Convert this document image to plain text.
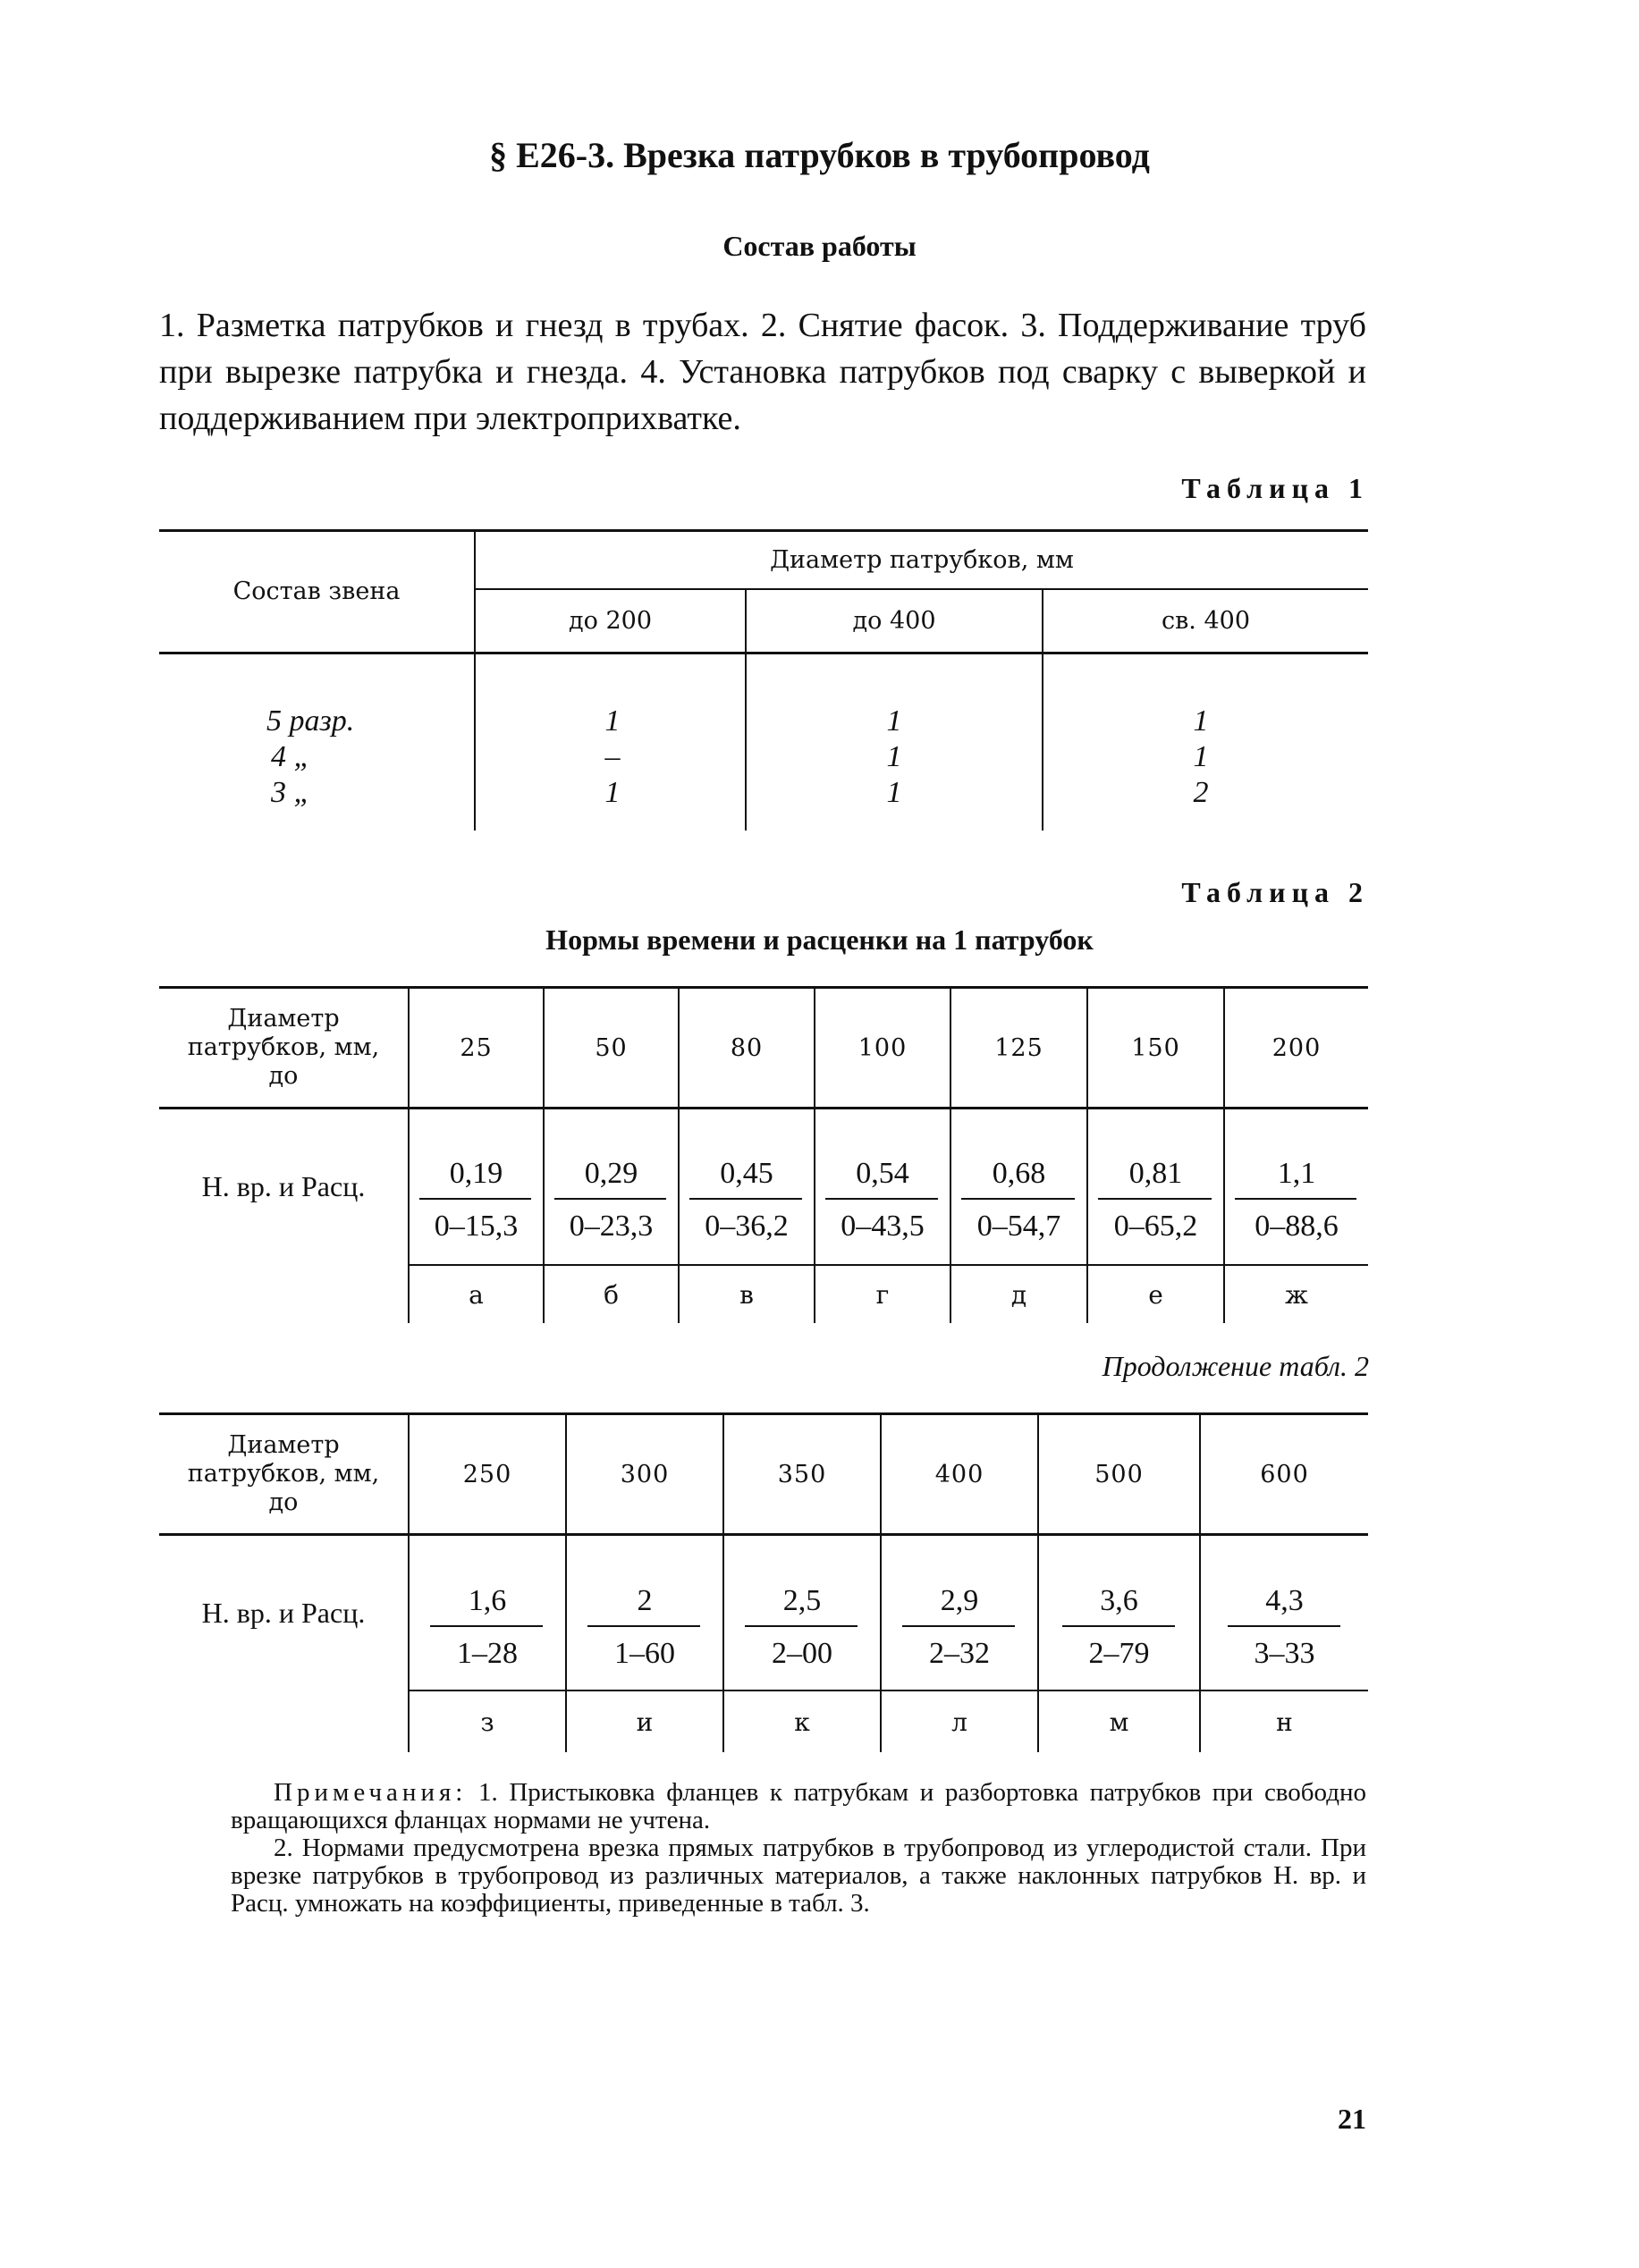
§ Е26-3. Врезка патрубков в трубопровод
Состав работы
1. Разметка патрубков и гнезд в трубах. 2. Снятие фасок. 3. Поддерживание труб при вырезке патрубка и гнезда. 4. Установка патрубков под сварку с выверкой и поддерживанием при электроприхватке.
Таблица 1
Состав звена
Диаметр патрубков, мм
до 200	до 400	св. 400
5 разр.
4 „
3 „
1
–
1
1
1
1
1
1
2
Таблица 2
Нормы времени и расценки на 1 патрубок
Диаметр патрубков, мм, до
Н. вр. и Расц.
25
0,19
0–15,3
а
50
0,29
0–23,3
б
80
0,45
0–36,2
в
100
0,54
0–43,5
г
125
0,68
0–54,7
д
150
0,81
0–65,2
е
200
1,1
0–88,6
ж
Продолжение табл. 2
Диаметр патрубков, мм, до
Н. вр. и Расц.
250
1,6
1–28
з
300
2
1–60
и
350
2,5
2–00
к
400
2,9
2–32
л
500
3,6
2–79
м
600
4,3
3–33
н

Примечания: 1. Пристыковка фланцев к патрубкам и разбортовка патрубков при свободно вращающихся фланцах нормами не учтена.

2. Нормами предусмотрена врезка прямых патрубков в трубопровод из углеродистой стали. При врезке патрубков в трубопровод из различных материалов, а также наклонных патрубков Н. вр. и Расц. умножать на коэффициенты, приведенные в табл. 3.

21
